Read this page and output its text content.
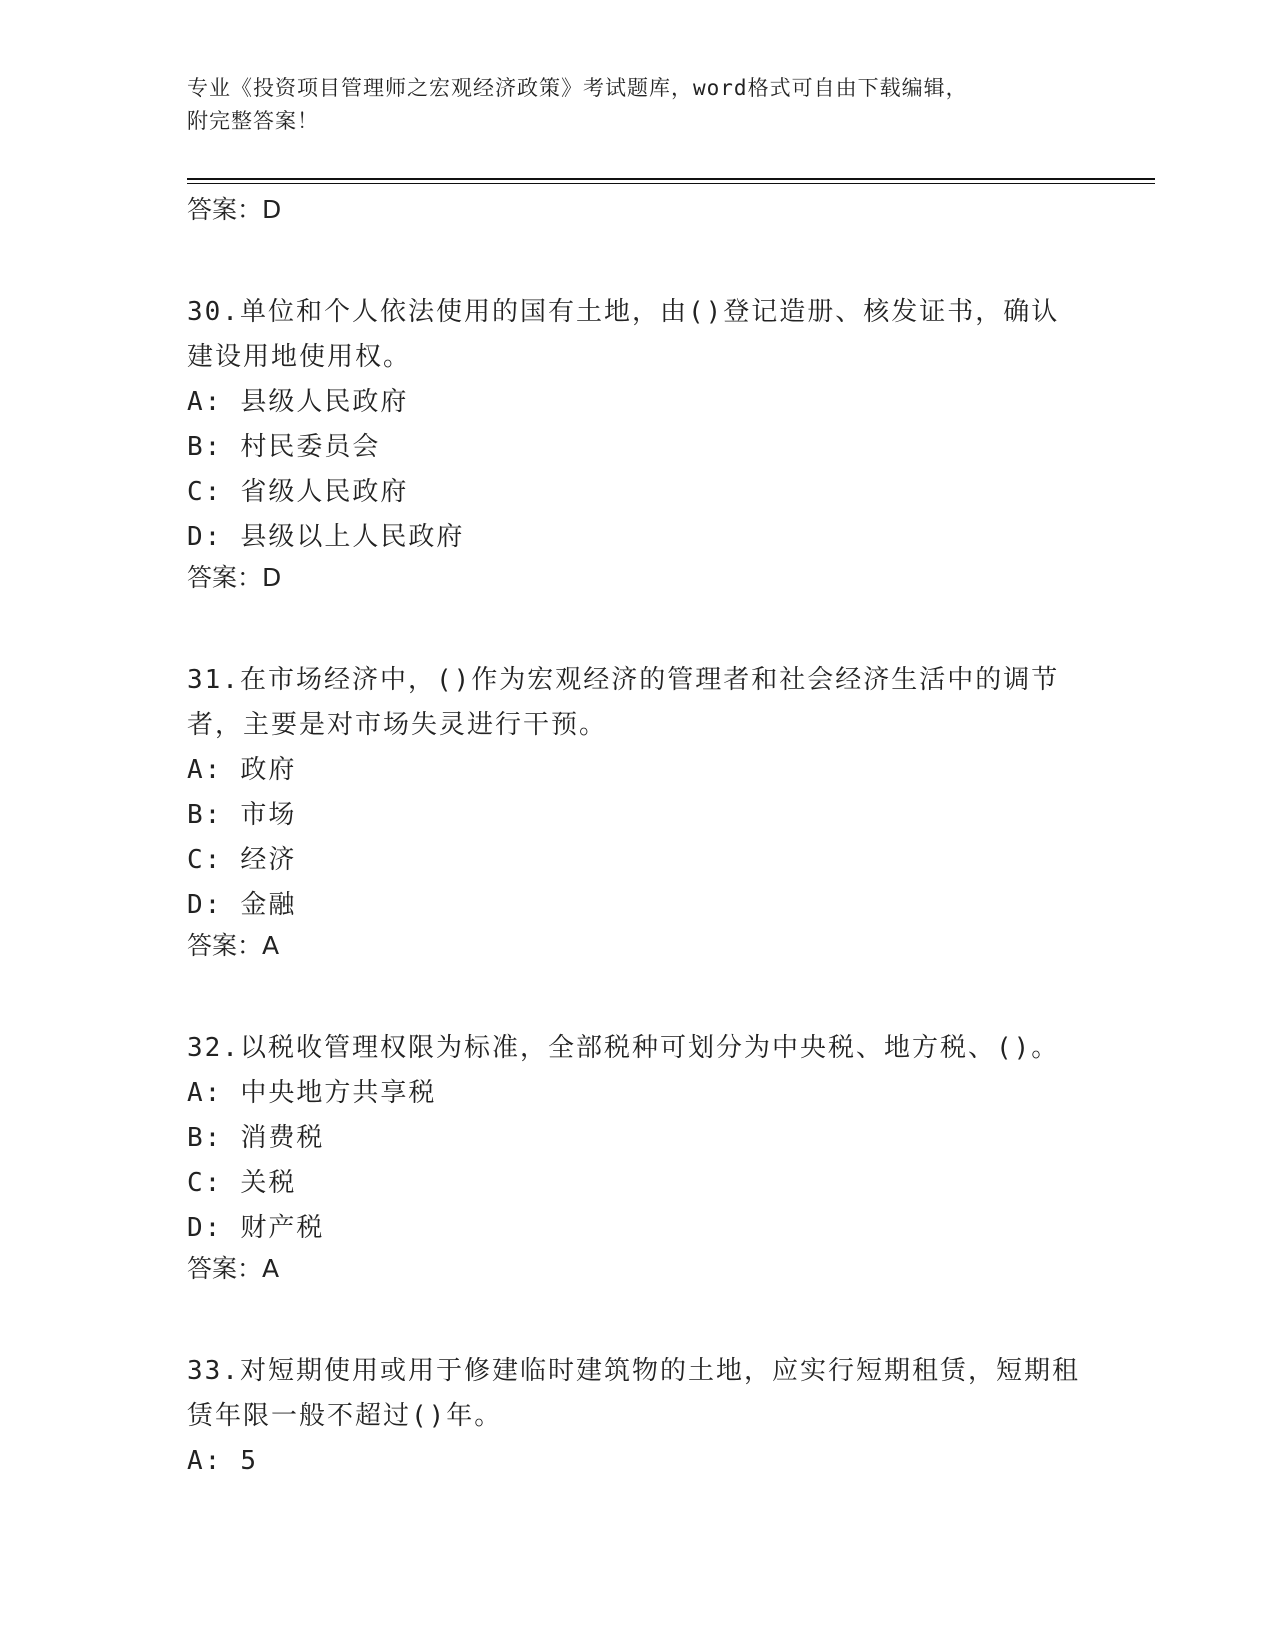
专业《投资项目管理师之宏观经济政策》考试题库，word格式可自由下载编辑，
附完整答案！

答案：D

30.单位和个人依法使用的国有土地，由()登记造册、核发证书，确认建设用地使用权。

A: 县级人民政府

B: 村民委员会

C: 省级人民政府

D: 县级以上人民政府

答案：D

31.在市场经济中，()作为宏观经济的管理者和社会经济生活中的调节者，主要是对市场失灵进行干预。

A: 政府

B: 市场

C: 经济

D: 金融

答案：A

32.以税收管理权限为标准，全部税种可划分为中央税、地方税、()。

A: 中央地方共享税

B: 消费税

C: 关税

D: 财产税

答案：A

33.对短期使用或用于修建临时建筑物的土地，应实行短期租赁，短期租赁年限一般不超过()年。

A: 5
